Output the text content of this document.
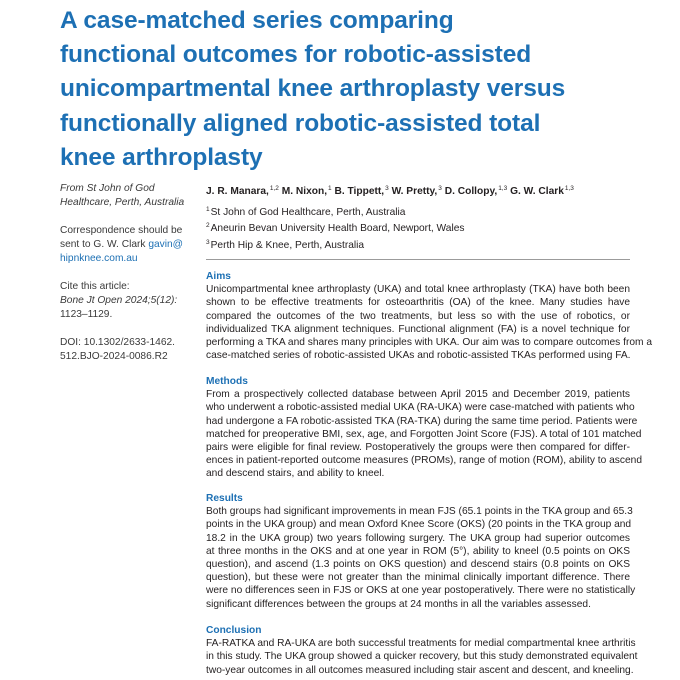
A case-matched series comparing
functional outcomes for robotic-assisted
unicompartmental knee arthroplasty versus
functionally aligned robotic-assisted total
knee arthroplasty
From St John of God
Healthcare, Perth, Australia
Correspondence should be
sent to G. W. Clark gavin@
hipnknee.com.au
Cite this article:
Bone Jt Open 2024;5(12):
1123–1129.
DOI: 10.1302/2633-1462.
512.BJO-2024-0086.R2
J. R. Manara,$^{1,2}$ M. Nixon,$^1$ B. Tippett,$^3$ W. Pretty,$^3$ D. Collopy,$^{1,3}$ G. W. Clark$^{1,3}$
$^1$St John of God Healthcare, Perth, Australia
$^2$Aneurin Bevan University Health Board, Newport, Wales
$^3$Perth Hip & Knee, Perth, Australia
Aims
Unicompartmental knee arthroplasty (UKA) and total knee arthroplasty (TKA) have both been
shown to be effective treatments for osteoarthritis (OA) of the knee. Many studies have
compared the outcomes of the two treatments, but less so with the use of robotics, or
individualized TKA alignment techniques. Functional alignment (FA) is a novel technique for
performing a TKA and shares many principles with UKA. Our aim was to compare outcomes from a
case-matched series of robotic-assisted UKAs and robotic-assisted TKAs performed using FA.
Methods
From a prospectively collected database between April 2015 and December 2019, patients
who underwent a robotic-assisted medial UKA (RA-UKA) were case-matched with patients who
had undergone a FA robotic-assisted TKA (RA-TKA) during the same time period. Patients were
matched for preoperative BMI, sex, age, and Forgotten Joint Score (FJS). A total of 101 matched
pairs were eligible for final review. Postoperatively the groups were then compared for differ-
ences in patient-reported outcome measures (PROMs), range of motion (ROM), ability to ascend
and descend stairs, and ability to kneel.
Results
Both groups had significant improvements in mean FJS (65.1 points in the TKA group and 65.3
points in the UKA group) and mean Oxford Knee Score (OKS) (20 points in the TKA group and
18.2 in the UKA group) two years following surgery. The UKA group had superior outcomes
at three months in the OKS and at one year in ROM (5°), ability to kneel (0.5 points on OKS
question), and ascend (1.3 points on OKS question) and descend stairs (0.8 points on OKS
question), but these were not greater than the minimal clinically important difference. There
were no differences seen in FJS or OKS at one year postoperatively. There were no statistically
significant differences between the groups at 24 months in all the variables assessed.
Conclusion
FA-RATKA and RA-UKA are both successful treatments for medial compartmental knee arthritis
in this study. The UKA group showed a quicker recovery, but this study demonstrated equivalent
two-year outcomes in all outcomes measured including stair ascent and descent, and kneeling.
